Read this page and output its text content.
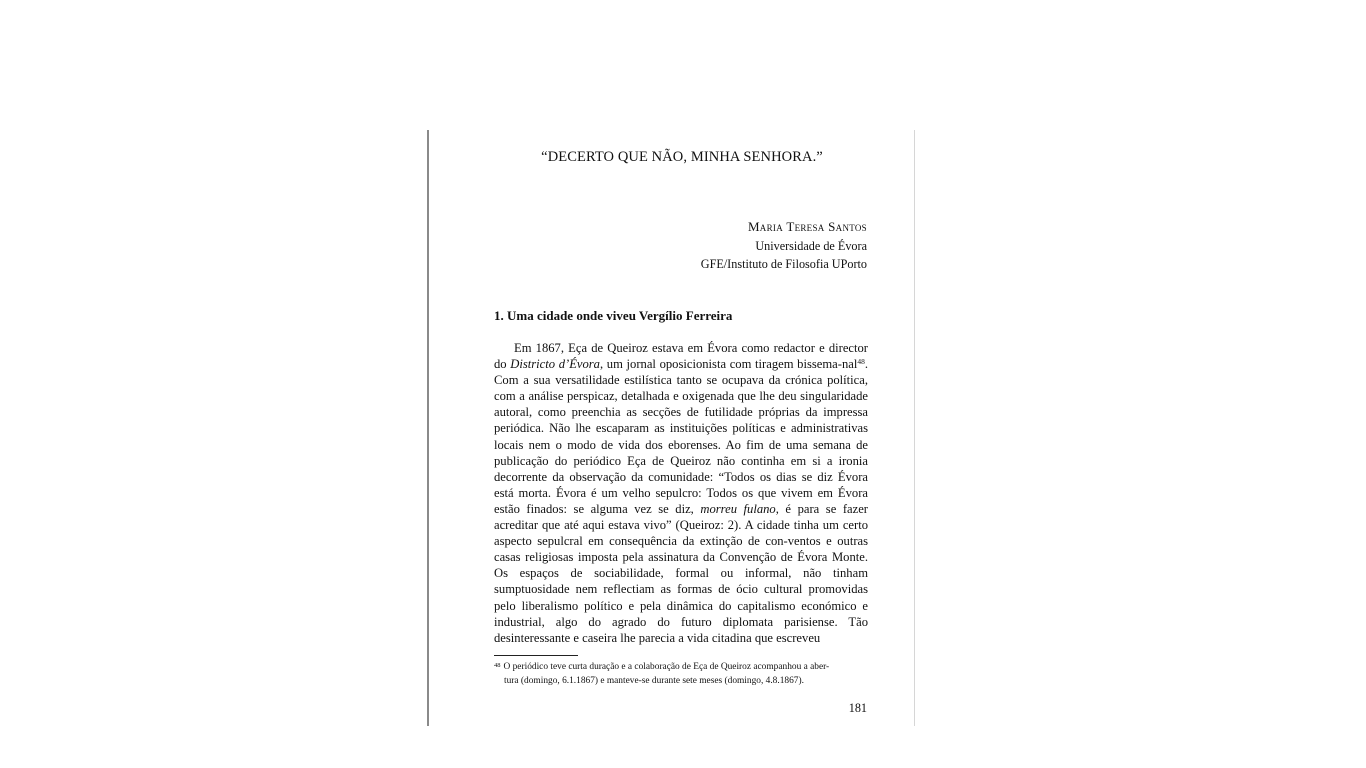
“DECERTO QUE NÃO, MINHA SENHORA.”
Maria Teresa Santos
Universidade de Évora
GFE/Instituto de Filosofia UPorto
1. Uma cidade onde viveu Vergílio Ferreira

Em 1867, Eça de Queiroz estava em Évora como redactor e director do Districto d’Évora, um jornal oposicionista com tiragem bissema-nal$^{48}$. Com a sua versatilidade estilística tanto se ocupava da crónica política, com a análise perspicaz, detalhada e oxigenada que lhe deu singularidade autoral, como preenchia as secções de futilidade próprias da impressa periódica. Não lhe escaparam as instituições políticas e administrativas locais nem o modo de vida dos eborenses. Ao fim de uma semana de publicação do periódico Eça de Queiroz não continha em si a ironia decorrente da observação da comunidade: “Todos os dias se diz Évora está morta. Évora é um velho sepulcro: Todos os que vivem em Évora estão finados: se alguma vez se diz, morreu fulano, é para se fazer acreditar que até aqui estava vivo” (Queiroz: 2). A cidade tinha um certo aspecto sepulcral em consequência da extinção de con-ventos e outras casas religiosas imposta pela assinatura da Convenção de Évora Monte. Os espaços de sociabilidade, formal ou informal, não tinham sumptuosidade nem reflectiam as formas de ócio cultural promovidas pelo liberalismo político e pela dinâmica do capitalismo económico e industrial, algo do agrado do futuro diplomata parisiense. Tão desinteressante e caseira lhe parecia a vida citadina que escreveu

$^{48}$ O periódico teve curta duração e a colaboração de Eça de Queiroz acompanhou a aber-
tura (domingo, 6.1.1867) e manteve-se durante sete meses (domingo, 4.8.1867).
181
